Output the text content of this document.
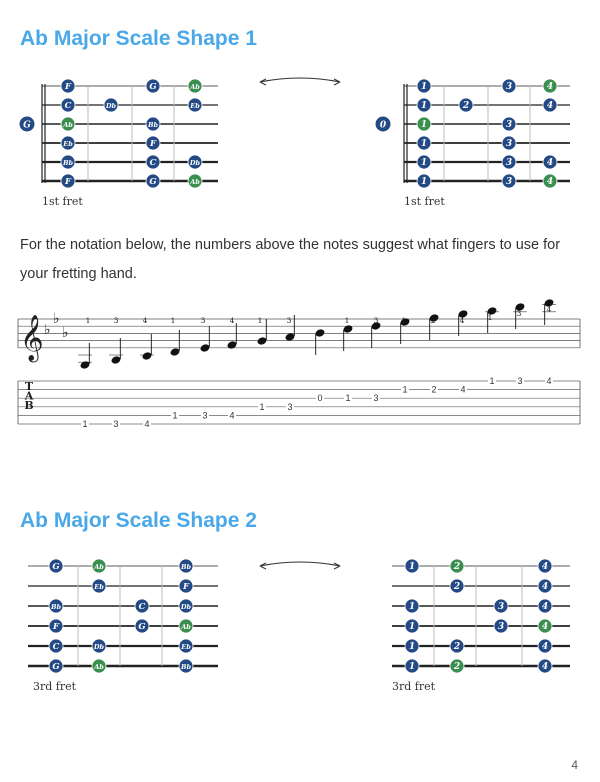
Ab Major Scale Shape 1
F	G	Ab
C	Db	Eb
Ab	Bb
Eb	F
Bb	C	Db
F	G	Ab
1st fret
G
1	3	4
1	2	4
1	3
1	3
1	3	4
1	3	4
1st fret
0
G	Ab	Bb
Eb	F
Bb	C	Db
F	G	Ab
C	Db	Eb
G	Ab	Bb
3rd fret
1	2	4
2	4
1	3	4
1	3	4
1	2	4
1	2	4
3rd fret
𝄞 ♭
♭
♭
1	3	4	1	3	4	1	3	1	3	1	2	4	1	3	4
T
A
B
1	3	4
1	3 4
1	3
0	1	3
1	2	4
1	3	4

For the notation below, the numbers above the notes suggest what fingers to use for your fretting hand.

Ab Major Scale Shape 2
4
